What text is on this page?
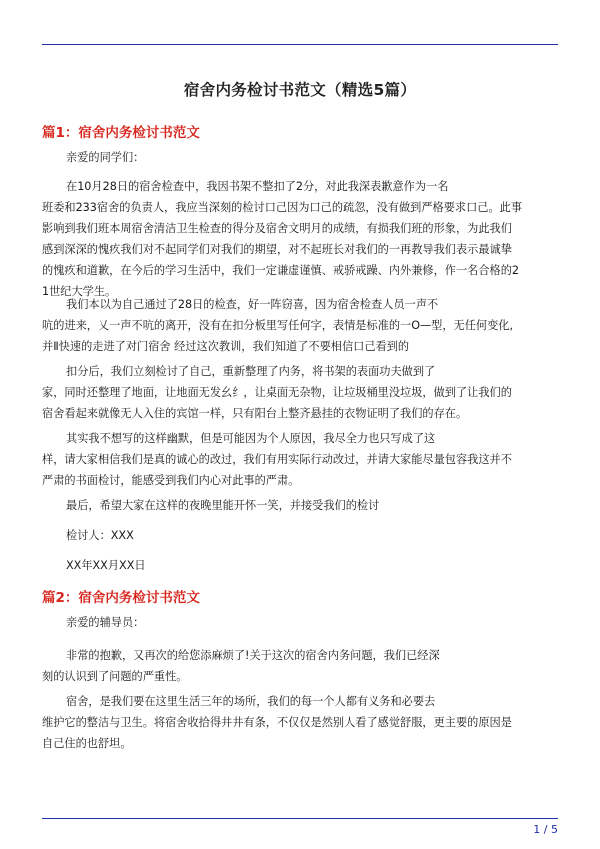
宿舍内务检讨书范文（精选5篇）
篇1：宿舍内务检讨书范文
亲爱的同学们：
在10月28日的宿舍检查中，我因书架不整扣了2分，对此我深表歉意作为一名
班委和233宿舍的负责人，我应当深刻的检讨口己因为口己的疏忽，没有做到严格要求口己。此事
影响到我们班本周宿舍清洁卫生检查的得分及宿舍文明月的成绩，有损我们班的形象，为此我们
感到深深的愧疚我们对不起同学们对我们的期望，对不起班长对我们的一再教导我们表示最诚挚
的愧疚和道歉，在今后的学习生活中，我们一定谦虚谨慎、戒骄戒躁、内外兼修，作一名合格的2
1世纪大学生。
我们本以为自己通过了28日的检查，好一阵窃喜，因为宿舍检查人员一声不
吭的进来，乂一声不吭的离开，没有在扣分板里写任何字，表情是标准的一O—型，无任何变化,
并Ⅱ快速的走进了对门宿舍 经过这次教训，我们知道了不要相信口己看到的
扣分后，我们立刻检讨了自己，重新整理了内务，将书架的表面功夫做到了
家，同时还整理了地面，让地面无发幺纟，让桌面无杂物，让垃圾桶里没垃圾，做到了让我们的
宿舍看起来就像无人入住的宾馆一样，只有阳台上整齐悬挂的衣物证明了我们的存在。
其实我不想写的这样幽默，但是可能因为个人原因，我尽全力也只写成了这
样，请大家相信我们是真的诚心的改过，我们有用实际行动改过，并请大家能尽量包容我这并不
严肃的书面检讨，能感受到我们内心对此事的严肃。
最后，希望大家在这样的夜晚里能开怀一笑，并接受我们的检讨
检讨人：XXX
XX年XX月XX日
篇2：宿舍内务检讨书范文
亲爱的辅导员：
非常的抱歉，又再次的给您添麻烦了!关于这次的宿舍内务问题，我们已经深
刻的认识到了问题的严重性。
宿舍，是我们要在这里生活三年的场所，我们的每一个人都有义务和必要去
维护它的整洁与卫生。将宿舍收拾得井井有条，不仅仅是然别人看了感觉舒服，更主要的原因是
自己住的也舒坦。
1 / 5
